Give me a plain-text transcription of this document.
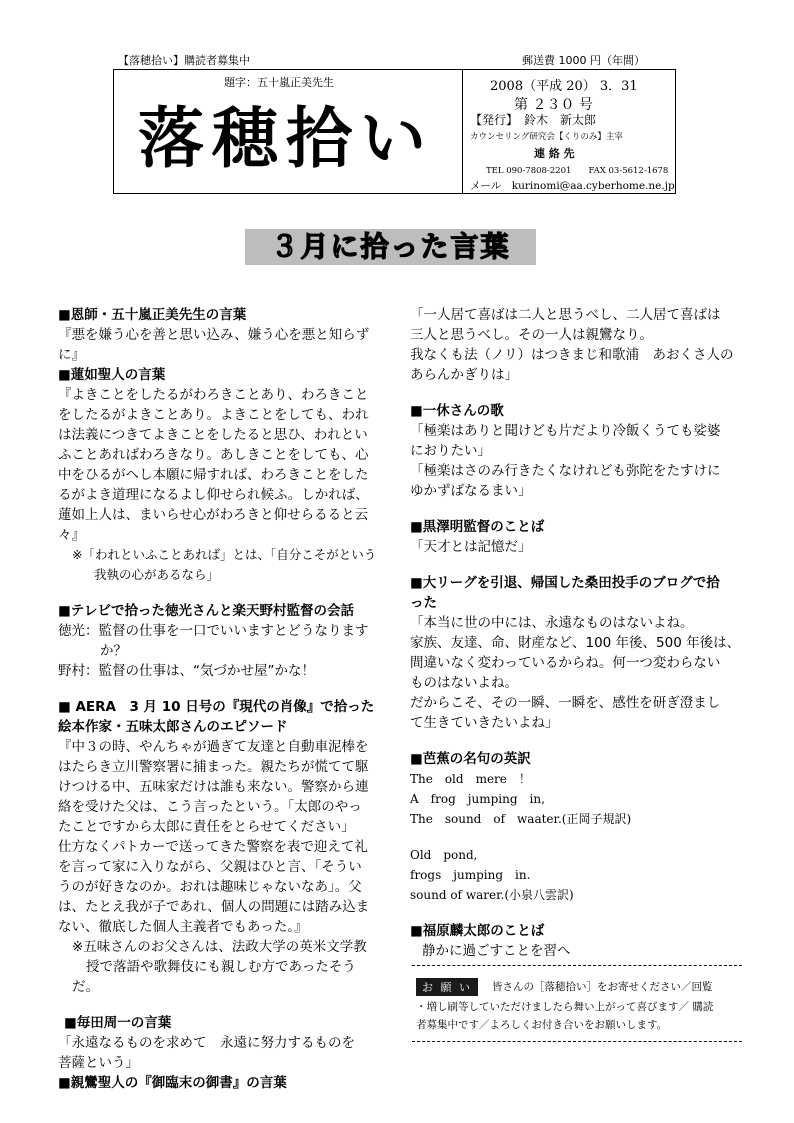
【落穂拾い】購読者募集中	郵送費 1000 円（年間）
題字：五十嵐正美先生
落穂拾い
2008（平成 20） 3．31
第 ２３０ 号
【発行】　鈴木　新太郎
カウンセリング研究会【くりのみ】主宰
連 絡 先
TEL 090-7808-2201　　FAX 03-5612-1678
メール　kurinomi@aa.cyberhome.ne.jp
３月に拾った言葉

■恩師・五十嵐正美先生の言葉

『悪を嫌う心を善と思い込み、嫌う心を悪と知らず

に』

■蓮如聖人の言葉

『よきことをしたるがわろきことあり、わろきこと

をしたるがよきことあり。よきことをしても、われ

は法義につきてよきことをしたると思ひ、われとい

ふことあればわろきなり。あしきことをしても、心

中をひるがへし本願に帰すれば、わろきことをした

るがよき道理になるよし仰せられ候ふ。しかれば、

蓮如上人は、まいらせ心がわろきと仰せらるると云

々』

※「われといふことあれば」とは、「自分こそがという

我執の心があるなら」

■テレビで拾った徳光さんと楽天野村監督の会話

徳光：監督の仕事を一口でいいますとどうなります

か？

野村：監督の仕事は、“気づかせ屋”かな！

■ AERA　3 月 10 日号の『現代の肖像』で拾った

絵本作家・五味太郎さんのエピソード

『中３の時、やんちゃが過ぎて友達と自動車泥棒を

はたらき立川警察署に捕まった。親たちが慌てて駆

けつける中、五味家だけは誰も来ない。警察から連

絡を受けた父は、こう言ったという。「太郎のやっ

たことですから太郎に責任をとらせてください」

仕方なくパトカーで送ってきた警察を表で迎えて礼

を言って家に入りながら、父親はひと言、「そうい

うのが好きなのか。おれは趣味じゃないなあ」。父

は、たとえ我が子であれ、個人の問題には踏み込ま

ない、徹底した個人主義者でもあった。』

※五味さんのお父さんは、法政大学の英米文学教

授で落語や歌舞伎にも親しむ方であったそう

だ。

■毎田周一の言葉

「永遠なるものを求めて　永遠に努力するものを

菩薩という」

■親鸞聖人の『御臨末の御書』の言葉

「一人居て喜ばは二人と思うべし、二人居て喜ばは

三人と思うべし。その一人は親鸞なり。

我なくも法（ノリ）はつきまじ和歌浦　あおくさ人の

あらんかぎりは」

■一休さんの歌

「極楽はありと聞けども片だより冷飯くうても娑婆

におりたい」

「極楽はさのみ行きたくなけれども弥陀をたすけに

ゆかずばなるまい」

■黒澤明監督のことば

「天才とは記憶だ」

■大リーグを引退、帰国した桑田投手のブログで拾

った

「本当に世の中には、永遠なものはないよね。

家族、友達、命、財産など、100 年後、500 年後は、

間違いなく変わっているからね。何一つ変わらない

ものはないよね。

だからこそ、その一瞬、一瞬を、感性を研ぎ澄まし

て生きていきたいよね」

■芭蕉の名句の英訳

The　old　mere　！

A　frog　jumping　in,

The　sound　of　waater.(正岡子規訳)

Old　pond,

frogs　jumping　in.

sound of warer.(小泉八雲訳)

■福原麟太郎のことば

静かに過ごすことを習へ

お 願 い	皆さんの［落穂拾い］をお寄せください／回覧
・増し刷等していただけましたら舞い上がって喜びます／ 購読
者募集中です／よろしくお付き合いをお願いします。
